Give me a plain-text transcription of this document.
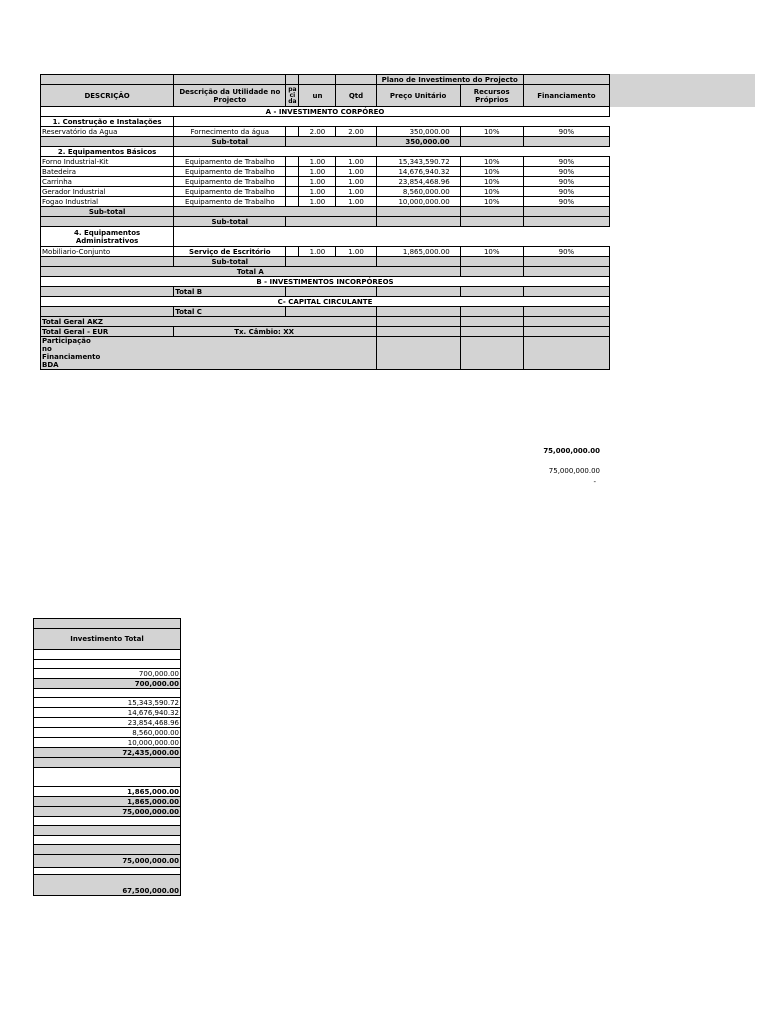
					Plano de Investimento do Projecto		
DESCRIÇÃO	Descrição da Utilidade no Projecto	pa ci da	un	Qtd	Preço Unitário	Recursos Próprios	Financiamento
A - INVESTIMENTO CORPÓREO							
1. Construção e Instalações							
Reservatório da Agua	Fornecimento da água		2.00	2.00	350,000.00	10%	90%
	Sub-total				350,000.00		
2. Equipamentos Básicos							
Forno Industrial-Kit	Equipamento de Trabalho		1.00	1.00	15,343,590.72	10%	90%
Batedeira	Equipamento de Trabalho		1.00	1.00	14,676,940.32	10%	90%
Carrinha	Equipamento de Trabalho		1.00	1.00	23,854,468.96	10%	90%
Gerador Industrial	Equipamento de Trabalho		1.00	1.00	8,560,000.00	10%	90%
Fogao Industrial	Equipamento de Trabalho		1.00	1.00	10,000,000.00	10%	90%
Sub-total							
	Sub-total						
4. Equipamentos Administrativos							
Mobiliario-Conjunto	Serviço de Escritório		1.00	1.00	1,865,000.00	10%	90%
	Sub-total						
Total A							
B - INVESTIMENTOS INCORPÓREOS							
	Total B						
C- CAPITAL CIRCULANTE							
	Total C						
Total Geral AKZ							
Total Geral - EUR	Tx. Câmbio: XX						
Participação no Financiamento BDA							
75,000,000.00
75,000,000.00
-

Investimento Total

700,000.00
700,000.00

15,343,590.72
14,676,940.32
23,854,468.96
8,560,000.00
10,000,000.00
72,435,000.00

1,865,000.00
1,865,000.00
75,000,000.00

75,000,000.00

67,500,000.00
